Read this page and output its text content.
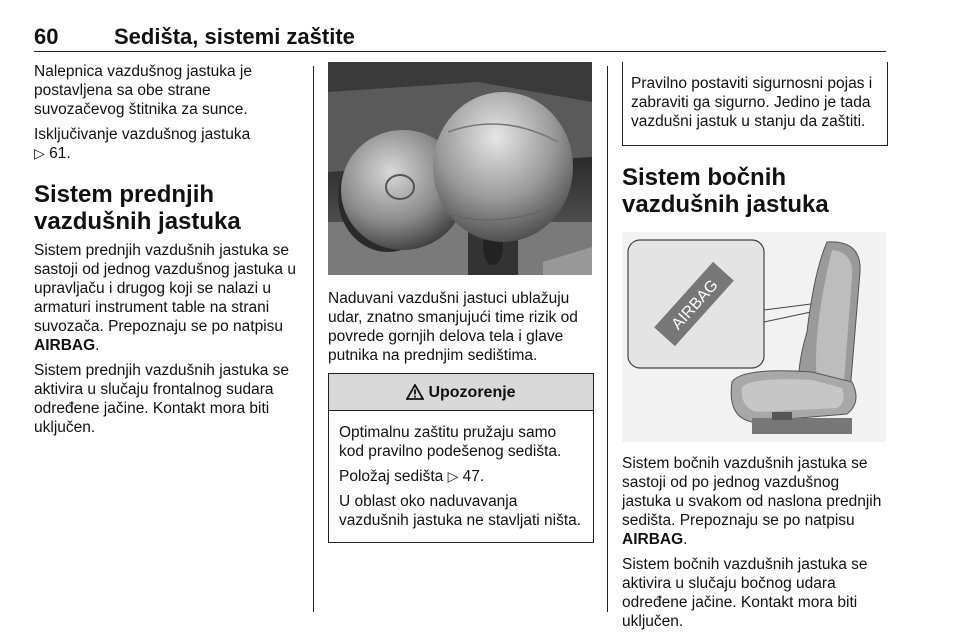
60	Sedišta, sistemi zaštite

Nalepnica vazdušnog jastuka je postavljena sa obe strane suvozačevog štitnika za sunce.

Isključivanje vazdušnog jastuka
▷ 61.

Sistem prednjih vazdušnih jastuka

Sistem prednjih vazdušnih jastuka se sastoji od jednog vazdušnog jastuka u upravljaču i drugog koji se nalazi u armaturi instrument table na strani suvozača. Prepoznaju se po natpisu AIRBAG.

Sistem prednjih vazdušnih jastuka se aktivira u slučaju frontalnog sudara određene jačine. Kontakt mora biti uključen.

Naduvani vazdušni jastuci ublažuju udar, znatno smanjujući time rizik od povrede gornjih delova tela i glave putnika na prednjim sedištima.

Upozorenje

Optimalnu zaštitu pružaju samo kod pravilno podešenog sedišta.

Položaj sedišta ▷ 47.

U oblast oko naduvavanja vazdušnih jastuka ne stavljati ništa.

Pravilno postaviti sigurnosni pojas i zabraviti ga sigurno. Jedino je tada vazdušni jastuk u stanju da zaštiti.

Sistem bočnih vazdušnih jastuka
AIRBAG

Sistem bočnih vazdušnih jastuka se sastoji od po jednog vazdušnog jastuka u svakom od naslona prednjih sedišta. Prepoznaju se po natpisu AIRBAG.

Sistem bočnih vazdušnih jastuka se aktivira u slučaju bočnog udara određene jačine. Kontakt mora biti uključen.
